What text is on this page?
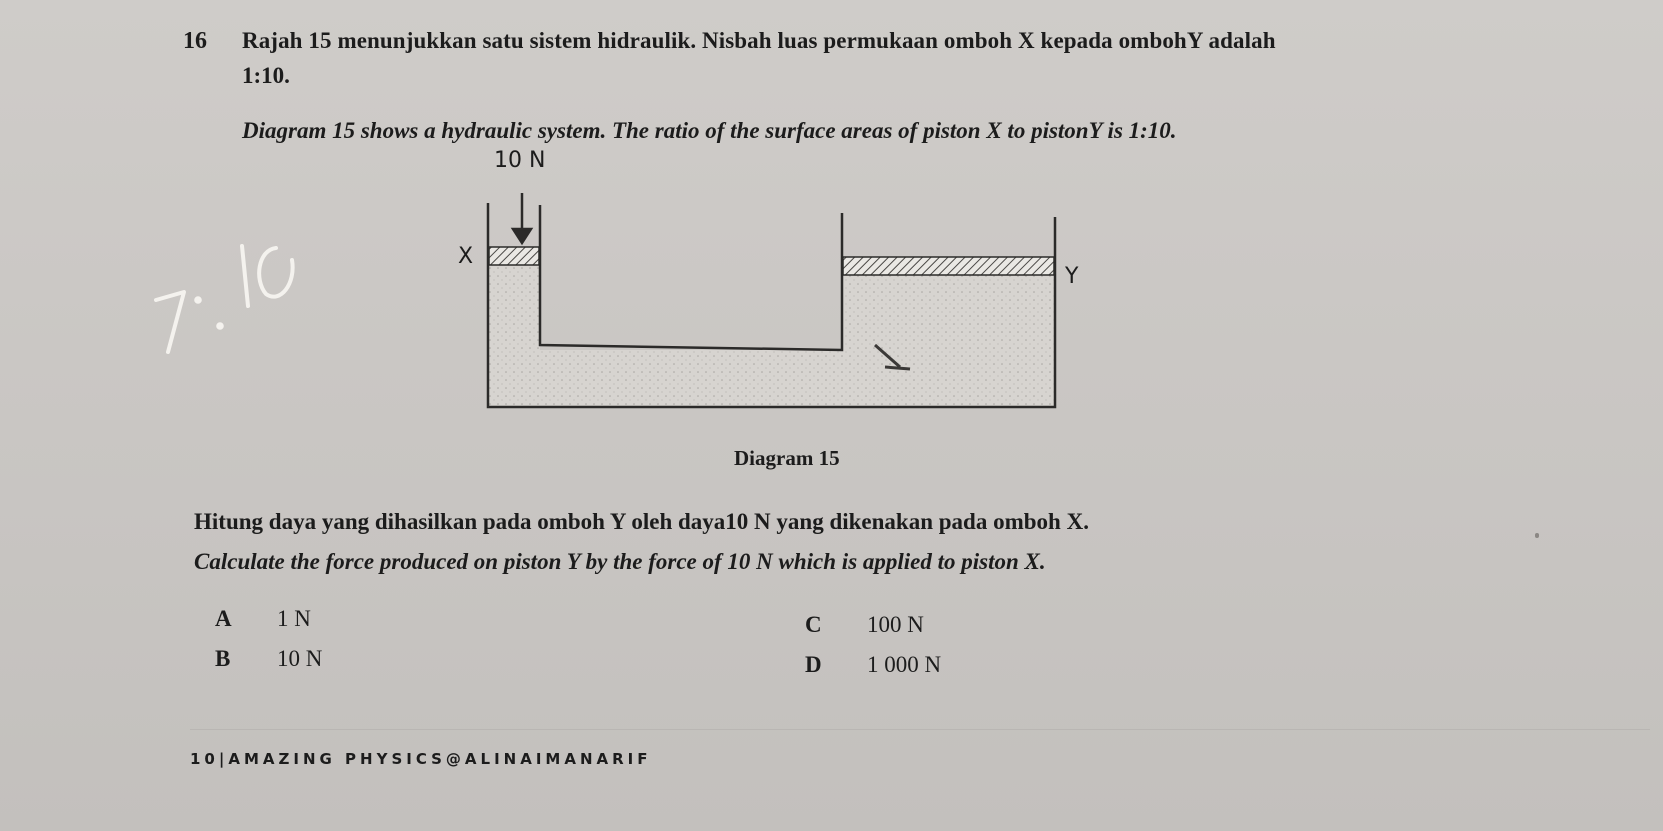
16 Rajah 15 menunjukkan satu sistem hidraulik. Nisbah luas permukaan omboh X kepada ombohY adalah
1:10.
Diagram 15 shows a hydraulic system. The ratio of the surface areas of piston X to pistonY is 1:10.
10 N
X
Y
Diagram 15
Hitung daya yang dihasilkan pada omboh Y oleh daya10 N yang dikenakan pada omboh X.
Calculate the force produced on piston Y by the force of 10 N which is applied to piston X.
A 1 N
B 10 N
C 100 N
D 1 000 N
10|AMAZING PHYSICS@ALINAIMANARIF
